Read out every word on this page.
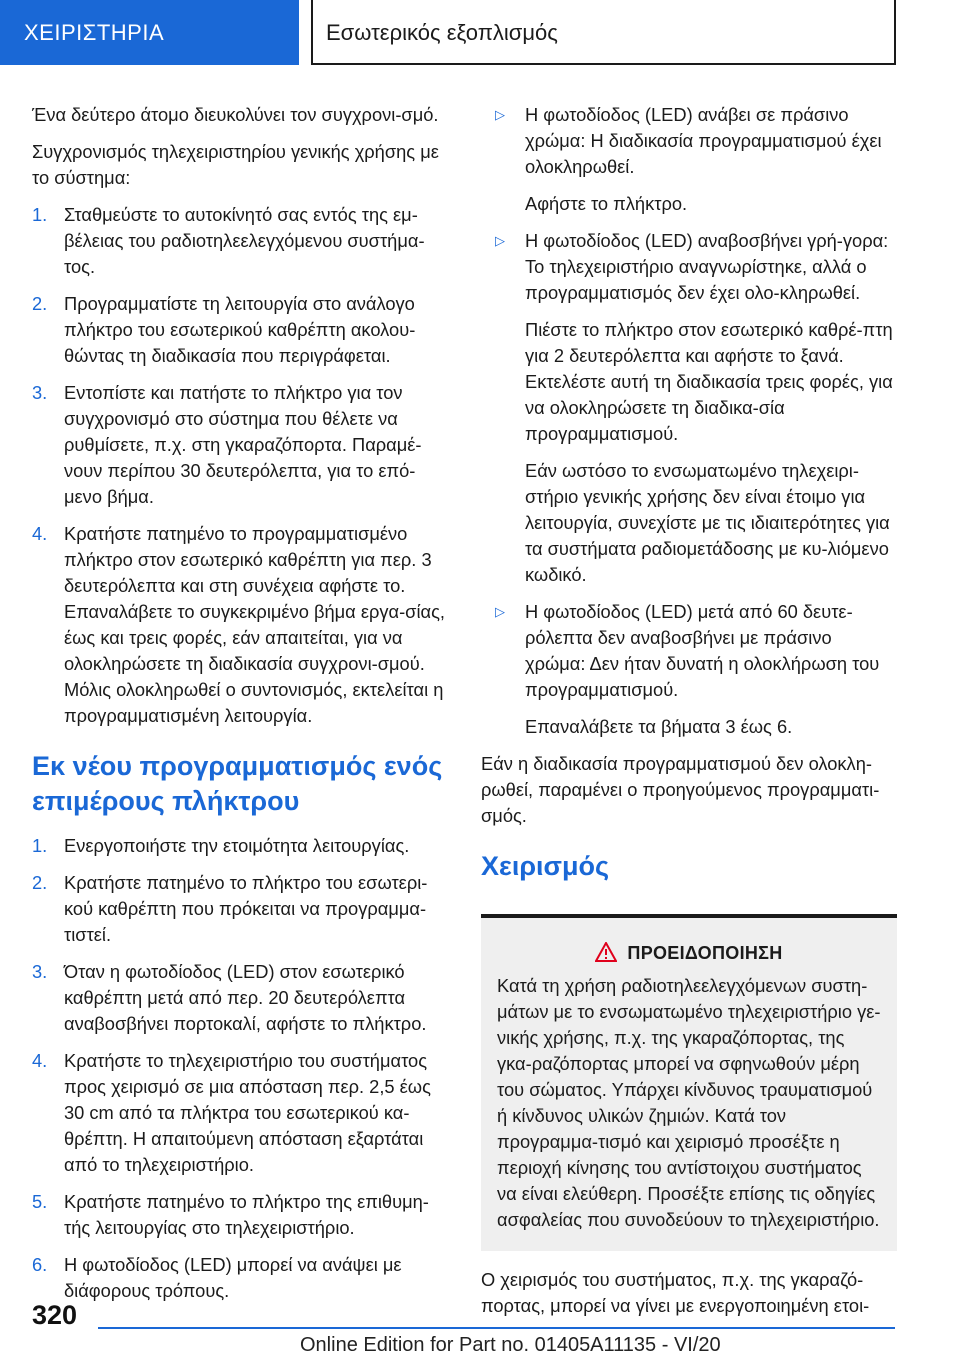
ΧΕΙΡΙΣΤΗΡΙΑ	Εσωτερικός εξοπλισμός

Ένα δεύτερο άτομο διευκολύνει τον συγχρονι-σμό.

Συγχρονισμός τηλεχειριστηρίου γενικής χρήσης με το σύστημα:

1. Σταθμεύστε το αυτοκίνητό σας εντός της εμ-βέλειας του ραδιοτηλεελεγχόμενου συστήμα-τος.
2. Προγραμματίστε τη λειτουργία στο ανάλογο πλήκτρο του εσωτερικού καθρέπτη ακολου-θώντας τη διαδικασία που περιγράφεται.
3. Εντοπίστε και πατήστε το πλήκτρο για τον συγχρονισμό στο σύστημα που θέλετε να ρυθμίσετε, π.χ. στη γκαραζόπορτα. Παραμέ-νουν περίπου 30 δευτερόλεπτα, για το επό-μενο βήμα.
4. Κρατήστε πατημένο το προγραμματισμένο πλήκτρο στον εσωτερικό καθρέπτη για περ. 3 δευτερόλεπτα και στη συνέχεια αφήστε το. Επαναλάβετε το συγκεκριμένο βήμα εργα-σίας, έως και τρεις φορές, εάν απαιτείται, για να ολοκληρώσετε τη διαδικασία συγχρονι-σμού. Μόλις ολοκληρωθεί ο συντονισμός, εκτελείται η προγραμματισμένη λειτουργία.
Εκ νέου προγραμματισμός ενός επιμέρους πλήκτρου
1. Ενεργοποιήστε την ετοιμότητα λειτουργίας.
2. Κρατήστε πατημένο το πλήκτρο του εσωτερι-κού καθρέπτη που πρόκειται να προγραμμα-τιστεί.
3. Όταν η φωτοδίοδος (LED) στον εσωτερικό καθρέπτη μετά από περ. 20 δευτερόλεπτα αναβοσβήνει πορτοκαλί, αφήστε το πλήκτρο.
4. Κρατήστε το τηλεχειριστήριο του συστήματος προς χειρισμό σε μια απόσταση περ. 2,5 έως 30 cm από τα πλήκτρα του εσωτερικού κα-θρέπτη. Η απαιτούμενη απόσταση εξαρτάται από το τηλεχειριστήριο.
5. Κρατήστε πατημένο το πλήκτρο της επιθυμη-τής λειτουργίας στο τηλεχειριστήριο.
6. Η φωτοδίοδος (LED) μπορεί να ανάψει με διάφορους τρόπους.
▷ Η φωτοδίοδος (LED) ανάβει σε πράσινο χρώμα: Η διαδικασία προγραμματισμού έχει ολοκληρωθεί.
Αφήστε το πλήκτρο.
▷ Η φωτοδίοδος (LED) αναβοσβήνει γρή-γορα: Το τηλεχειριστήριο αναγνωρίστηκε, αλλά ο προγραμματισμός δεν έχει ολο-κληρωθεί.
Πιέστε το πλήκτρο στον εσωτερικό καθρέ-πτη για 2 δευτερόλεπτα και αφήστε το ξανά. Εκτελέστε αυτή τη διαδικασία τρεις φορές, για να ολοκληρώσετε τη διαδικα-σία προγραμματισμού.
Εάν ωστόσο το ενσωματωμένο τηλεχειρι-στήριο γενικής χρήσης δεν είναι έτοιμο για λειτουργία, συνεχίστε με τις ιδιαιτερότητες για τα συστήματα ραδιομετάδοσης με κυ-λιόμενο κωδικό.
▷ Η φωτοδίοδος (LED) μετά από 60 δευτε-ρόλεπτα δεν αναβοσβήνει με πράσινο χρώμα: Δεν ήταν δυνατή η ολοκλήρωση του προγραμματισμού.
Επαναλάβετε τα βήματα 3 έως 6.

Εάν η διαδικασία προγραμματισμού δεν ολοκλη-ρωθεί, παραμένει ο προηγούμενος προγραμματι-σμός.

Χειρισμός
ΠΡΟΕΙΔΟΠΟΙΗΣΗ
Κατά τη χρήση ραδιοτηλεελεγχόμενων συστη-μάτων με το ενσωματωμένο τηλεχειριστήριο γε-νικής χρήσης, π.χ. της γκαραζόπορτας, της γκα-ραζόπορτας μπορεί να σφηνωθούν μέρη του σώματος. Υπάρχει κίνδυνος τραυματισμού ή κίνδυνος υλικών ζημιών. Κατά τον προγραμμα-τισμό και χειρισμό προσέξτε η περιοχή κίνησης του αντίστοιχου συστήματος να είναι ελεύθερη. Προσέξτε επίσης τις οδηγίες ασφαλείας που συνοδεύουν το τηλεχειριστήριο.

Ο χειρισμός του συστήματος, π.χ. της γκαραζό-πορτας, μπορεί να γίνει με ενεργοποιημένη ετοι-

320
Online Edition for Part no. 01405A11135 - VI/20
